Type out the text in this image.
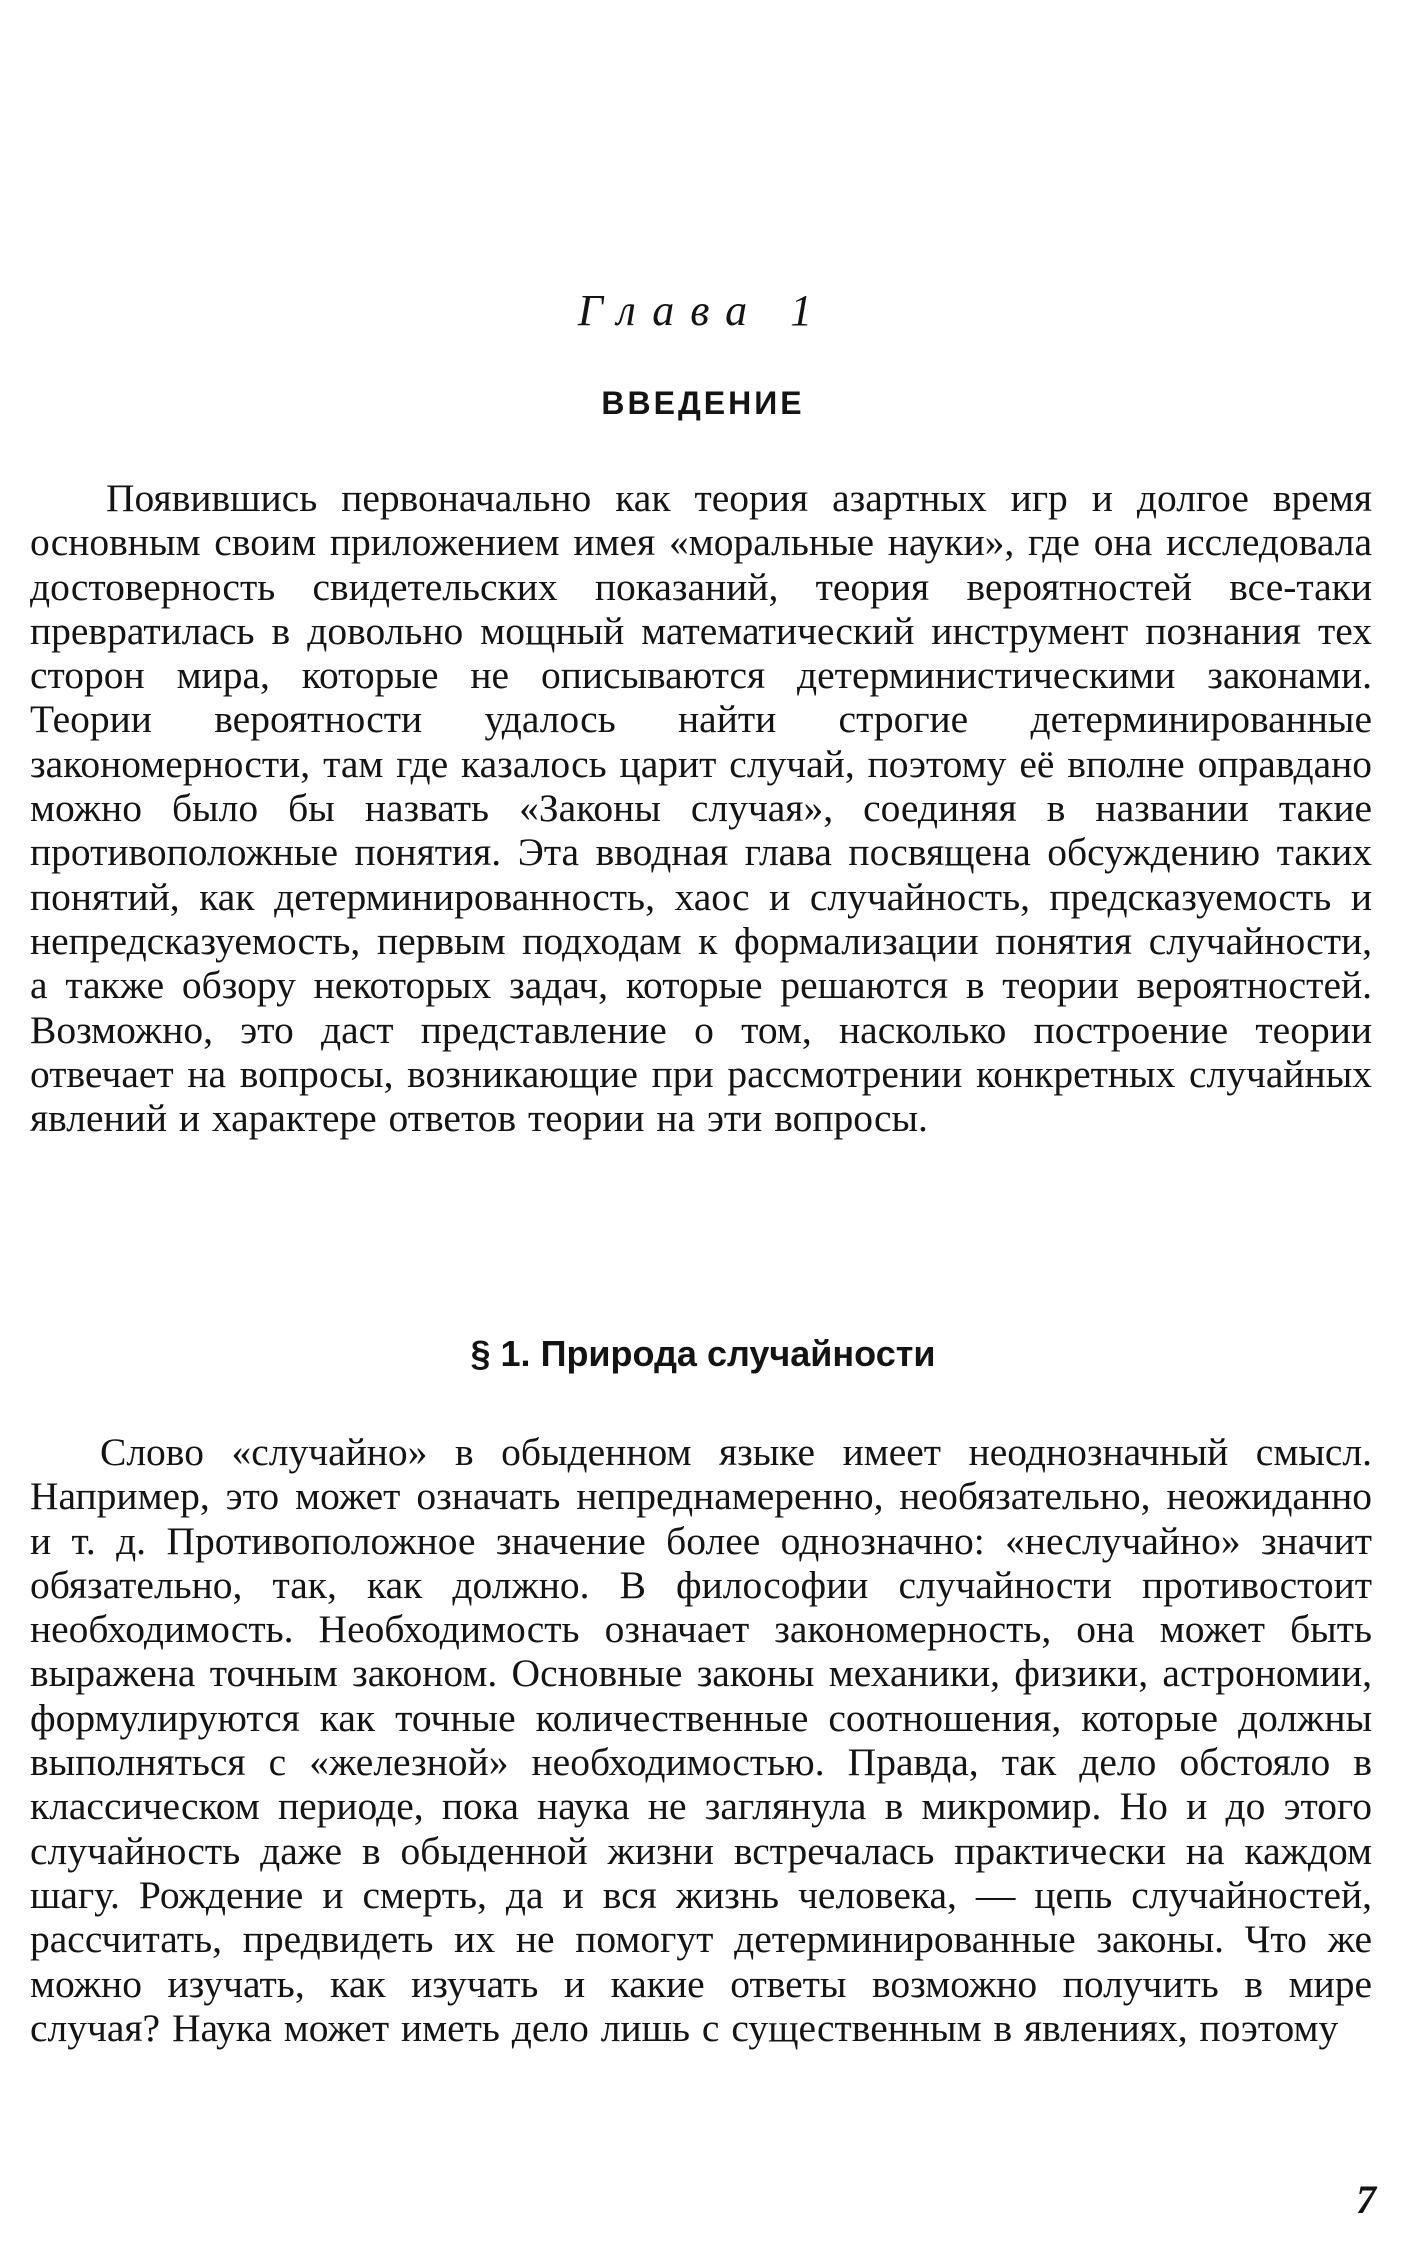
Глава 1
ВВЕДЕНИЕ

Появившись первоначально как теория азартных игр и долгое время основным своим приложением имея «моральные науки», где она исследовала достоверность свидетельских показаний, теория вероятностей все-таки превратилась в довольно мощный математический инструмент познания тех сторон мира, которые не описываются детерминистическими законами. Теории вероятности удалось найти строгие детерминированные закономерности, там где казалось царит случай, поэтому её вполне оправдано можно было бы назвать «Законы случая», соединяя в названии такие противоположные понятия. Эта вводная глава посвящена обсуждению таких понятий, как детерминированность, хаос и случайность, предсказуемость и непредсказуемость, первым подходам к формализации понятия случайности, а также обзору некоторых задач, которые решаются в теории вероятностей. Возможно, это даст представление о том, насколько построение теории отвечает на вопросы, возникающие при рассмотрении конкретных случайных явлений и характере ответов теории на эти вопросы.

§ 1. Природа случайности

Слово «случайно» в обыденном языке имеет неоднозначный смысл. Например, это может означать непреднамеренно, необязательно, неожиданно и т. д. Противоположное значение более однозначно: «неслучайно» значит обязательно, так, как должно. В философии случайности противостоит необходимость. Необходимость означает закономерность, она может быть выражена точным законом. Основные законы механики, физики, астрономии, формулируются как точные количественные соотношения, которые должны выполняться с «железной» необходимостью. Правда, так дело обстояло в классическом периоде, пока наука не заглянула в микромир. Но и до этого случайность даже в обыденной жизни встречалась практически на каждом шагу. Рождение и смерть, да и вся жизнь человека, — цепь случайностей, рассчитать, предвидеть их не помогут детерминированные законы. Что же можно изучать, как изучать и какие ответы возможно получить в мире случая? Наука может иметь дело лишь с существенным в явлениях, поэтому

7
